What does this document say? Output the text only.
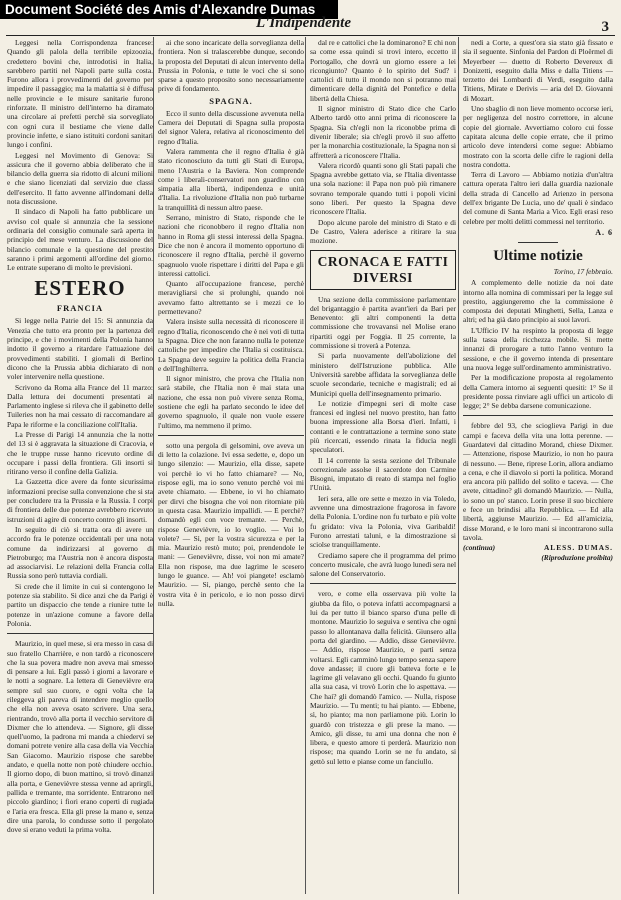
Document Société des Amis d'Alexandre Dumas
L'Indipendente	3

Leggesi nella Corrispondenza francese: Quando gli palola della terribile epizoozia, credettero bovini che, introdotisi in Italia, sarebbero partiti nel Napoli parte sulla costa. Furono allora i provvedimenti del governo per impedire il passaggio; ma la malattia si è diffusa nelle provincie e le misure sanitarie furono rinforzate. Il ministro dell'interno ha diramato una circolare ai prefetti perchè sia sorvegliato con ogni cura il bestiame che viene dalle provincie infette, e siano istituiti cordoni sanitari lungo i confini.

Leggesi nel Movimento di Genova: Si assicura che il governo abbia deliberato che il bilancio della guerra sia ridotto di alcuni milioni e che siano licenziati dal servizio due classi dell'esercito. Il fatto avvenne all'indomani della nota discussione.

Il sindaco di Napoli ha fatto pubblicare un avviso col quale si annunzia che la sessione ordinaria del consiglio comunale sarà aperta in principio del mese venturo. La discussione del bilancio comunale e la questione del prestito saranno i primi argomenti all'ordine del giorno. Le entrate superano di molto le previsioni.

ESTERO
FRANCIA

Si legge nella Patrie del 15: Si annunzia da Venezia che tutto era pronto per la partenza del principe, e che i movimenti della Polonia hanno indotto il governo a ritardare l'attuazione dei provvedimenti stabiliti. I giornali di Berlino dicono che la Prussia abbia dichiarato di non voler intervenire nella questione.

Scrivono da Roma alla France del 11 marzo: Dalla lettura dei documenti presentati al Parlamento inglese si rileva che il gabinetto delle Tuileries non ha mai cessato di raccomandare al Papa le riforme e la conciliazione coll'Italia.

La Presse di Parigi 14 annunzia che la notte del 13 si è aggravata la situazione di Cracovia, e che le truppe russe hanno ricevuto ordine di occupare i passi della frontiera. Gli insorti si ritirano verso il confine della Galizia.

La Gazzetta dice avere da fonte sicurissima informazioni precise sulla convenzione che si sta per concludere tra la Prussia e la Russia. I corpi di frontiera delle due potenze avrebbero ricevuto istruzioni di agire di concerto contro gli insorti.

In seguito di ciò si tratta ora di avere un accordo fra le potenze occidentali per una nota comune da indirizzarsi al governo di Pietroburgo; ma l'Austria non è ancora disposta ad associarvisi. Le relazioni della Francia colla Russia sono però tuttavia cordiali.

Si crede che il limite in cui si contengono le potenze sia stabilito. Si dice anzi che da Parigi è partito un dispaccio che tende a riunire tutte le potenze in un'azione comune a favore della Polonia.

Maurizio, in quel mese, si era messo in casa di suo fratello Charrière, e non tardò a riconoscere che la sua povera madre non aveva mai smesso di pensare a lui. Egli passò i giorni a lavorare e le notti a sognare. La lettera di Genevièvre era sempre sul suo cuore, e ogni volta che la rileggeva gli pareva di intendere meglio quello che ella non aveva osato scrivere. Una sera, rientrando, trovò alla porta il vecchio servitore di Dixmer che lo attendeva. — Signore, gli disse quell'uomo, la padrona mi manda a chiedervi se domani potrete venire alla casa della via Vecchia San Giacomo. Maurizio rispose che sarebbe andato, e quella notte non potè chiudere occhio. Il giorno dopo, di buon mattino, si trovò dinanzi alla porta, e Genevièvre stessa venne ad aprirgli, pallida e tremante, ma sorridente. Entrarono nel piccolo giardino; i fiori erano coperti di rugiada e l'aria era fresca. Ella gli prese la mano e, senza dire una parola, lo condusse sotto il pergolato dove si erano veduti la prima volta.

ai che sono incaricate della sorveglianza della frontiera. Non si tralascerebbe dunque, secondo la proposta del Deputati di alcun intervento della Prussia in Polonia, e tutte le voci che si sono sparse a questo proposito sono necessariamente prive di fondamento.

SPAGNA.

Ecco il sunto della discussione avvenuta nella Camera dei Deputati di Spagna sulla proposta del signor Valera, relativa al riconoscimento del regno d'Italia.

Valera rammenta che il regno d'Italia è già stato riconosciuto da tutti gli Stati di Europa, meno l'Austria e la Baviera. Non comprende come i liberali-conservatori non guardino con simpatia alla libertà, indipendenza e unità d'Italia. La rivoluzione d'Italia non può turbarne la tranquillità di nessun altro paese.

Serrano, ministro di Stato, risponde che le nazioni che riconobbero il regno d'Italia non hanno in Roma gli stessi interessi della Spagna. Dice che non è ancora il momento opportuno di riconoscere il regno d'Italia, perchè il governo spagnuolo vuole rispettare i diritti del Papa e gli interessi cattolici.

Quanto all'occupazione francese, perchè meravigliarsi che si prolunghi, quando noi avevamo fatto altrettanto se i mezzi ce lo permettevano?

Valera insiste sulla necessità di riconoscere il regno d'Italia, riconoscendo che è nei voti di tutta la Spagna. Dice che non faranno nulla le potenze cattoliche per impedire che l'Italia si costituisca. La Spagna deve seguire la politica della Francia e dell'Inghilterra.

Il signor ministro, che prova che l'Italia non sarà stabile, che l'Italia non è mai stata una nazione, che essa non può vivere senza Roma, sostiene che egli ha parlato secondo le idee del governo spagnuolo, il quale non vuole essere l'ultimo, ma nemmeno il primo.

sotto una pergola di gelsomini, ove aveva un di letto la colazione. Ivi essa sedette, e, dopo un lungo silenzio: — Maurizio, ella disse, sapete voi perchè io vi ho fatto chiamare? — No, rispose egli, ma io sono venuto perchè voi mi avete chiamato. — Ebbene, io vi ho chiamato per dirvi che bisogna che voi non ritorniate più in questa casa. Maurizio impallidì. — E perchè? domandò egli con voce tremante. — Perchè, rispose Genevièvre, io lo voglio. — Voi lo volete? — Sì, per la vostra sicurezza e per la mia. Maurizio restò muto; poi, prendendole le mani: — Genevièvre, disse, voi non mi amate? Ella non rispose, ma due lagrime le scesero lungo le guance. — Ah! voi piangete! esclamò Maurizio. — Sì, piango, perchè sento che la vostra vita è in pericolo, e io non posso dirvi nulla.

dal re e cattolici che la dominarono? E chi non sa come essa quindi si trovi intero, eccetto il Portogallo, che dovrà un giorno essere a lei ricongiunto? Quanto è lo spirito del Sud? i cattolici di tutto il mondo non si potranno mai dimenticare della dignità del Pontefice e della libertà della Chiesa.

Il signor ministro di Stato dice che Carlo Alberto tardò otto anni prima di riconoscere la Spagna. Sia ch'egli non la riconobbe prima di divenir liberale; sia ch'egli provò il suo affetto per la monarchia costituzionale, la Spagna non si affretterà a riconoscere l'Italia.

Valera ricordò quanti sono gli Stati papali che Spagna avrebbe gettato via, se l'Italia diventasse una sola nazione: il Papa non può più rimanere sovrano temporale quando tutti i popoli vicini sono liberi. Per questo la Spagna deve riconoscere l'Italia.

Dopo alcune parole del ministro di Stato e di De Castro, Valera aderisce a ritirare la sua mozione.

CRONACA E FATTI DIVERSI

Una sezione della commissione parlamentare del brigantaggio è partita avant'ieri da Bari per Benevento: gli altri componenti la detta commissione che trovavansi nel Molise erano ripartiti oggi per Foggia. Il 25 corrente, la commissione si troverà a Potenza.

Si parla nuovamente dell'abolizione del ministero dell'Istruzione pubblica. Alle Università sarebbe affidata la sorveglianza delle scuole secondarie, tecniche e magistrali; ed ai Municipi quella dell'insegnamento primario.

Le notizie d'impegni seri di molte case francesi ed inglesi nel nuovo prestito, han fatto buona impressione alla Borsa d'ieri. Infatti, i contanti e le contrattazione a termine sono state più ricercati, essendo rinata la fiducia negli speculatori.

Il 14 corrente la sesta sezione del Tribunale correzionale assolse il sacerdote don Carmine Bisogni, imputato di reato di stampa nel foglio l'Unità.

Ieri sera, alle ore sette e mezzo in via Toledo, avvenne una dimostrazione fragorosa in favore della Polonia. L'ordine non fu turbato e più volte fu gridato: viva la Polonia, viva Garibaldi! Furono arrestati taluni, e la dimostrazione si sciolse tranquillamente.

Crediamo sapere che il programma del primo concerto musicale, che avrà luogo lunedì sera nel salone del Conservatorio.

vero, e come ella osservava più volte la giubba da filo, o poteva infatti accompagnarsi a lui da per tutto il bianco sparso d'una pelle di montone. Maurizio lo seguiva e sentiva che ogni passo lo allontanava dalla felicità. Giunsero alla porta del giardino. — Addio, disse Genevièvre. — Addio, rispose Maurizio, e partì senza voltarsi. Egli camminò lungo tempo senza sapere dove andasse; il cuore gli batteva forte e le lagrime gli velavano gli occhi. Quando fu giunto alla sua casa, vi trovò Lorin che lo aspettava. — Che hai? gli domandò l'amico. — Nulla, rispose Maurizio. — Tu menti; tu hai pianto. — Ebbene, sì, ho pianto; ma non parliamone più. Lorin lo guardò con tristezza e gli prese la mano. — Amico, gli disse, tu ami una donna che non è libera, e questo amore ti perderà. Maurizio non rispose; ma quando Lorin se ne fu andato, si gettò sul letto e pianse come un fanciullo.

nedi a Corte, a quest'ora sia stato già fissato e sia il seguente. Sinfonia del Pardon di Ploërmel di Meyerbeer — duetto di Roberto Devereux di Donizetti, eseguito dalla Miss e dalla Titiens — terzetto dei Lombardi di Verdi, eseguito dalla Titiens, Mirate e Derivis — aria del D. Giovanni di Mozart.

Uno sbaglio di non lieve momento occorse ieri, per negligenza del nostro correttore, in alcune copie del giornale. Avvertiamo coloro cui fosse capitata alcuna delle copie errate, che il primo articolo deve intendersi come segue: Abbiamo mostrato con la scorta delle cifre le ragioni della nostra condotta.

Terra di Lavoro — Abbiamo notizia d'un'altra cattura operata l'altro ieri dalla guardia nazionale della strada di Cancello ad Arienzo in persona dell'ex brigante De Lucia, uno de' quali è sindaco del comune di Santa Maria a Vico. Egli erasi reso celebre per molti delitti commessi nel territorio.

A. 6
Ultime notizie
Torino, 17 febbraio.

A complemento delle notizie da noi date intorno alla nomina di commissari per la legge sul prestito, aggiungeremo che la commissione è composta dei deputati Minghetti, Sella, Lanza e altri; ed ha già dato principio ai suoi lavori.

L'Ufficio IV ha respinto la proposta di legge sulla tassa della ricchezza mobile. Si mette innanzi di prorogare a tutto l'anno venturo la sessione, e che il governo intenda di presentare una nuova legge sull'ordinamento amministrativo.

Per la modificazione proposta al regolamento della Camera intorno ai seguenti quesiti: 1° Se il presidente possa rinviare agli uffici un articolo di legge; 2° Se debba darsene comunicazione.

febbre del 93, che scioglieva Parigi in due campi e faceva della vita una lotta perenne. — Guardatevi dal cittadino Morand, chiese Dixmer. — Attenzione, rispose Maurizio, io non ho paura di nessuno. — Bene, riprese Lorin, allora andiamo a cena, e che il diavolo si porti la politica. Morand era ancora più pallido del solito e taceva. — Che avete, cittadino? gli domandò Maurizio. — Nulla, io sono un po' stanco. Lorin prese il suo bicchiere e fece un brindisi alla Repubblica. — Ed alla libertà, aggiunse Maurizio. — Ed all'amicizia, disse Morand, e le loro mani si incontrarono sulla tavola.

(continua)	ALESS. DUMAS.
(Riproduzione proibita)
